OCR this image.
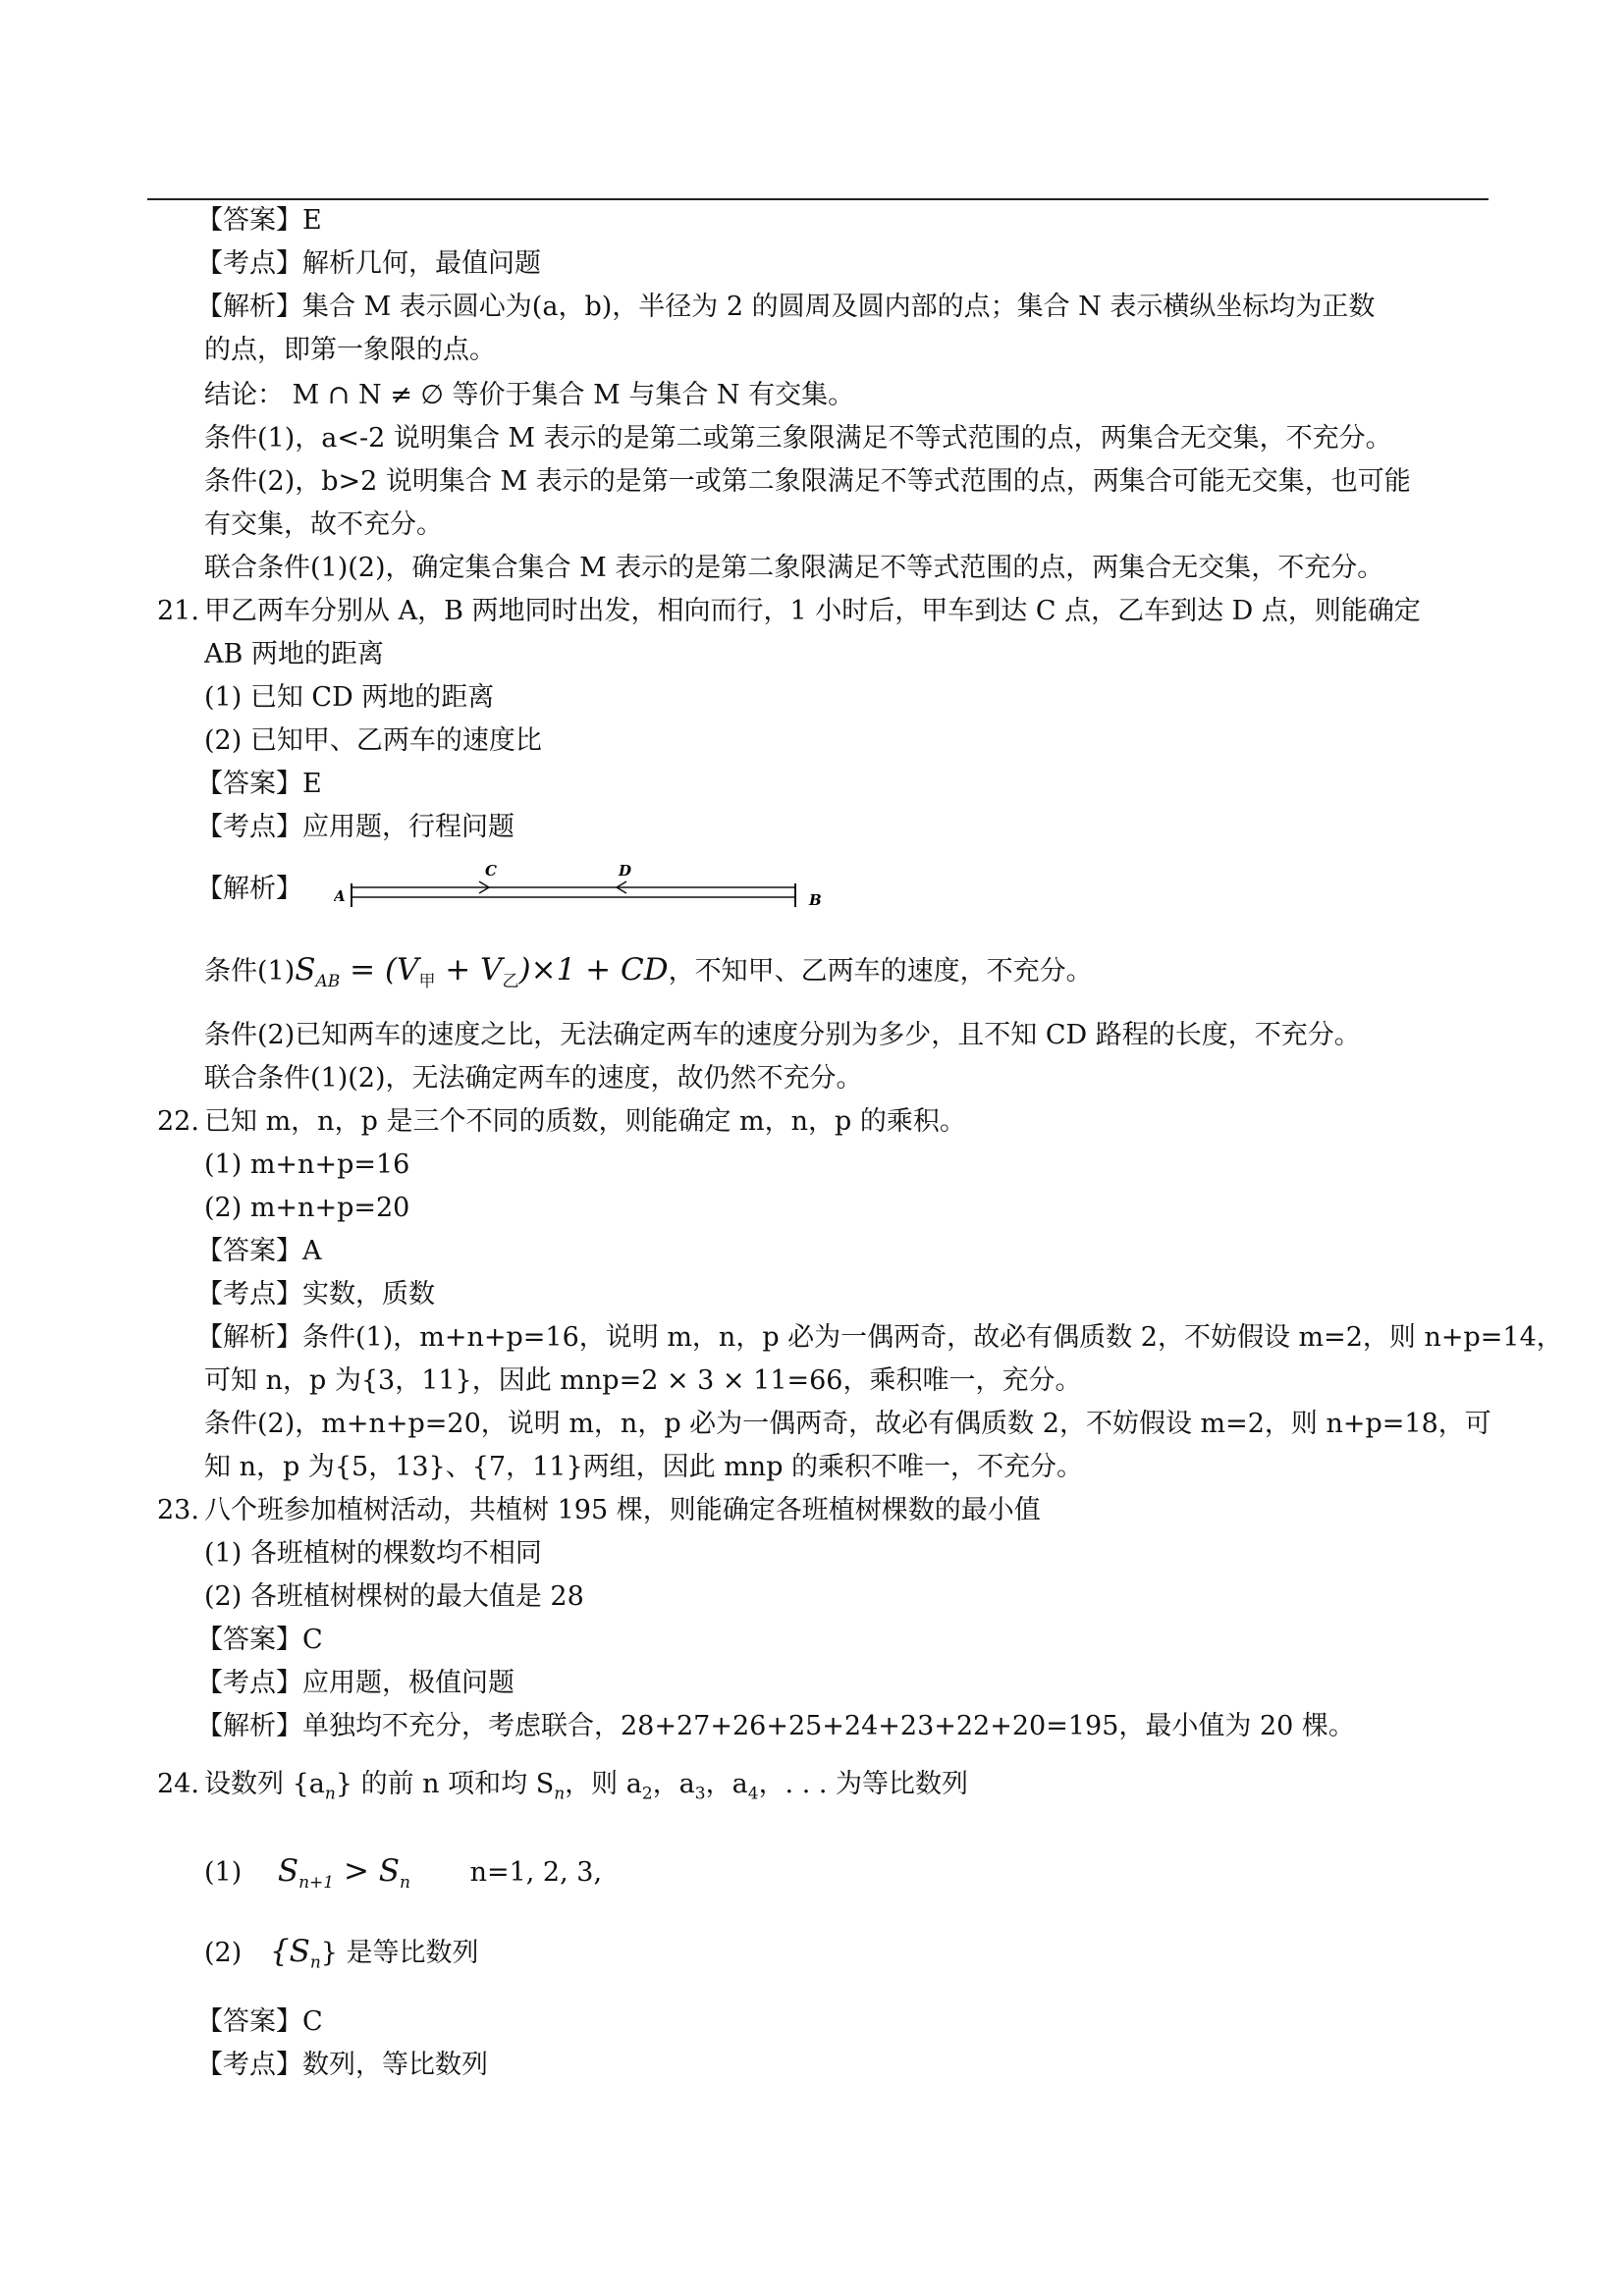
【答案】E
【考点】解析几何，最值问题
【解析】集合 M 表示圆心为(a，b)，半径为 2 的圆周及圆内部的点；集合 N 表示横纵坐标均为正数
的点，即第一象限的点。
结论： M ∩ N ≠ ∅ 等价于集合 M 与集合 N 有交集。
条件(1)，a<-2 说明集合 M 表示的是第二或第三象限满足不等式范围的点，两集合无交集，不充分。
条件(2)，b>2 说明集合 M 表示的是第一或第二象限满足不等式范围的点，两集合可能无交集，也可能
有交集，故不充分。
联合条件(1)(2)，确定集合集合 M 表示的是第二象限满足不等式范围的点，两集合无交集，不充分。
21. 甲乙两车分别从 A，B 两地同时出发，相向而行，1 小时后，甲车到达 C 点，乙车到达 D 点，则能确定
AB 两地的距离
(1) 已知 CD 两地的距离
(2) 已知甲、乙两车的速度比
【答案】E
【考点】应用题，行程问题
【解析】 A	B
C	D
条件$(1)S_{AB} = (V_甲 + V_乙)\times 1$ + CD，不知甲、乙两车的速度，不充分。
条件(2)已知两车的速度之比，无法确定两车的速度分别为多少，且不知 CD 路程的长度，不充分。
联合条件(1)(2)，无法确定两车的速度，故仍然不充分。
22. 已知 m，n，p 是三个不同的质数，则能确定 m，n，p 的乘积。
(1) m+n+p=16
(2) m+n+p=20
【答案】A
【考点】实数，质数
【解析】条件(1)，m+n+p=16，说明 m，n，p 必为一偶两奇，故必有偶质数 2，不妨假设 m=2，则 n+p=14，
可知 n，p 为{3，11}，因此 mnp=2 × 3 × 11=66，乘积唯一，充分。
条件(2)，m+n+p=20，说明 m，n，p 必为一偶两奇，故必有偶质数 2，不妨假设 m=2，则 n+p=18，可
知 n，p 为{5，13}、{7，11}两组，因此 mnp 的乘积不唯一，不充分。
23. 八个班参加植树活动，共植树 195 棵，则能确定各班植树棵数的最小值
(1) 各班植树的棵数均不相同
(2) 各班植树棵树的最大值是 28
【答案】C
【考点】应用题，极值问题
【解析】单独均不充分，考虑联合，28+27+26+25+24+23+22+20=195，最小值为 20 棵。
24. 设数列 $\{a_n\}$ 的前 n 项和均 $S_n$，则 $a_2$，$a_3$，$a_4$，. . . 为等比数列
(1) $S_{n+1} > S_n$ n=1, 2, 3,
(2) $\{S_n\}$ 是等比数列
【答案】C
【考点】数列，等比数列
